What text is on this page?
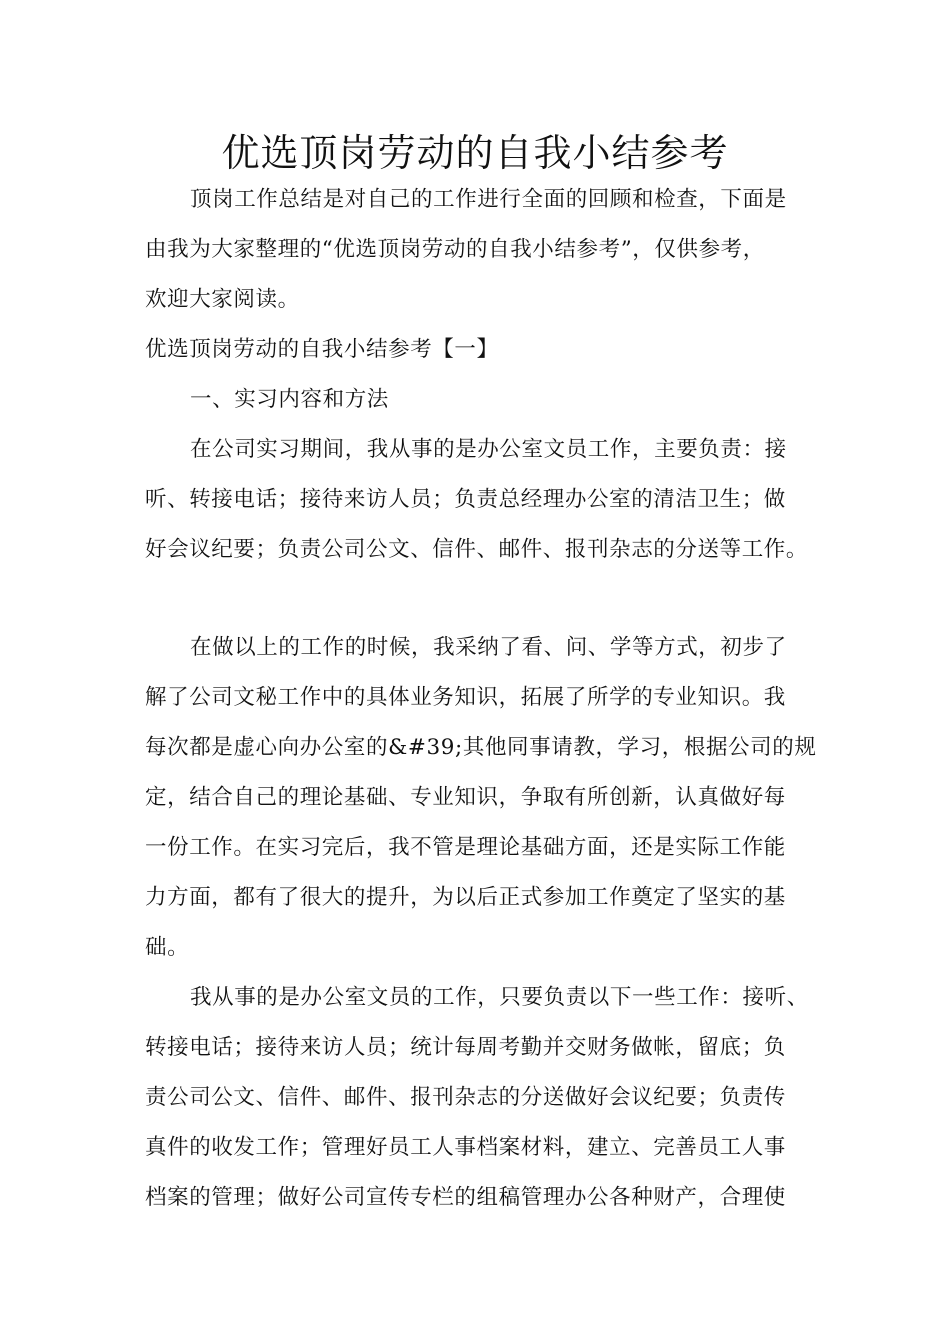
优选顶岗劳动的自我小结参考
顶岗工作总结是对自己的工作进行全面的回顾和检查，下面是
由我为大家整理的“优选顶岗劳动的自我小结参考”，仅供参考，
欢迎大家阅读。
优选顶岗劳动的自我小结参考【一】
一、实习内容和方法
在公司实习期间，我从事的是办公室文员工作，主要负责：接
听、转接电话；接待来访人员；负责总经理办公室的清洁卫生；做
好会议纪要；负责公司公文、信件、邮件、报刊杂志的分送等工作。
在做以上的工作的时候，我采纳了看、问、学等方式，初步了
解了公司文秘工作中的具体业务知识，拓展了所学的专业知识。我
每次都是虚心向办公室的&#39;其他同事请教，学习，根据公司的规
定，结合自己的理论基础、专业知识，争取有所创新，认真做好每
一份工作。在实习完后，我不管是理论基础方面，还是实际工作能
力方面，都有了很大的提升，为以后正式参加工作奠定了坚实的基
础。
我从事的是办公室文员的工作，只要负责以下一些工作：接听、
转接电话；接待来访人员；统计每周考勤并交财务做帐，留底；负
责公司公文、信件、邮件、报刊杂志的分送做好会议纪要；负责传
真件的收发工作；管理好员工人事档案材料，建立、完善员工人事
档案的管理；做好公司宣传专栏的组稿管理办公各种财产，合理使
